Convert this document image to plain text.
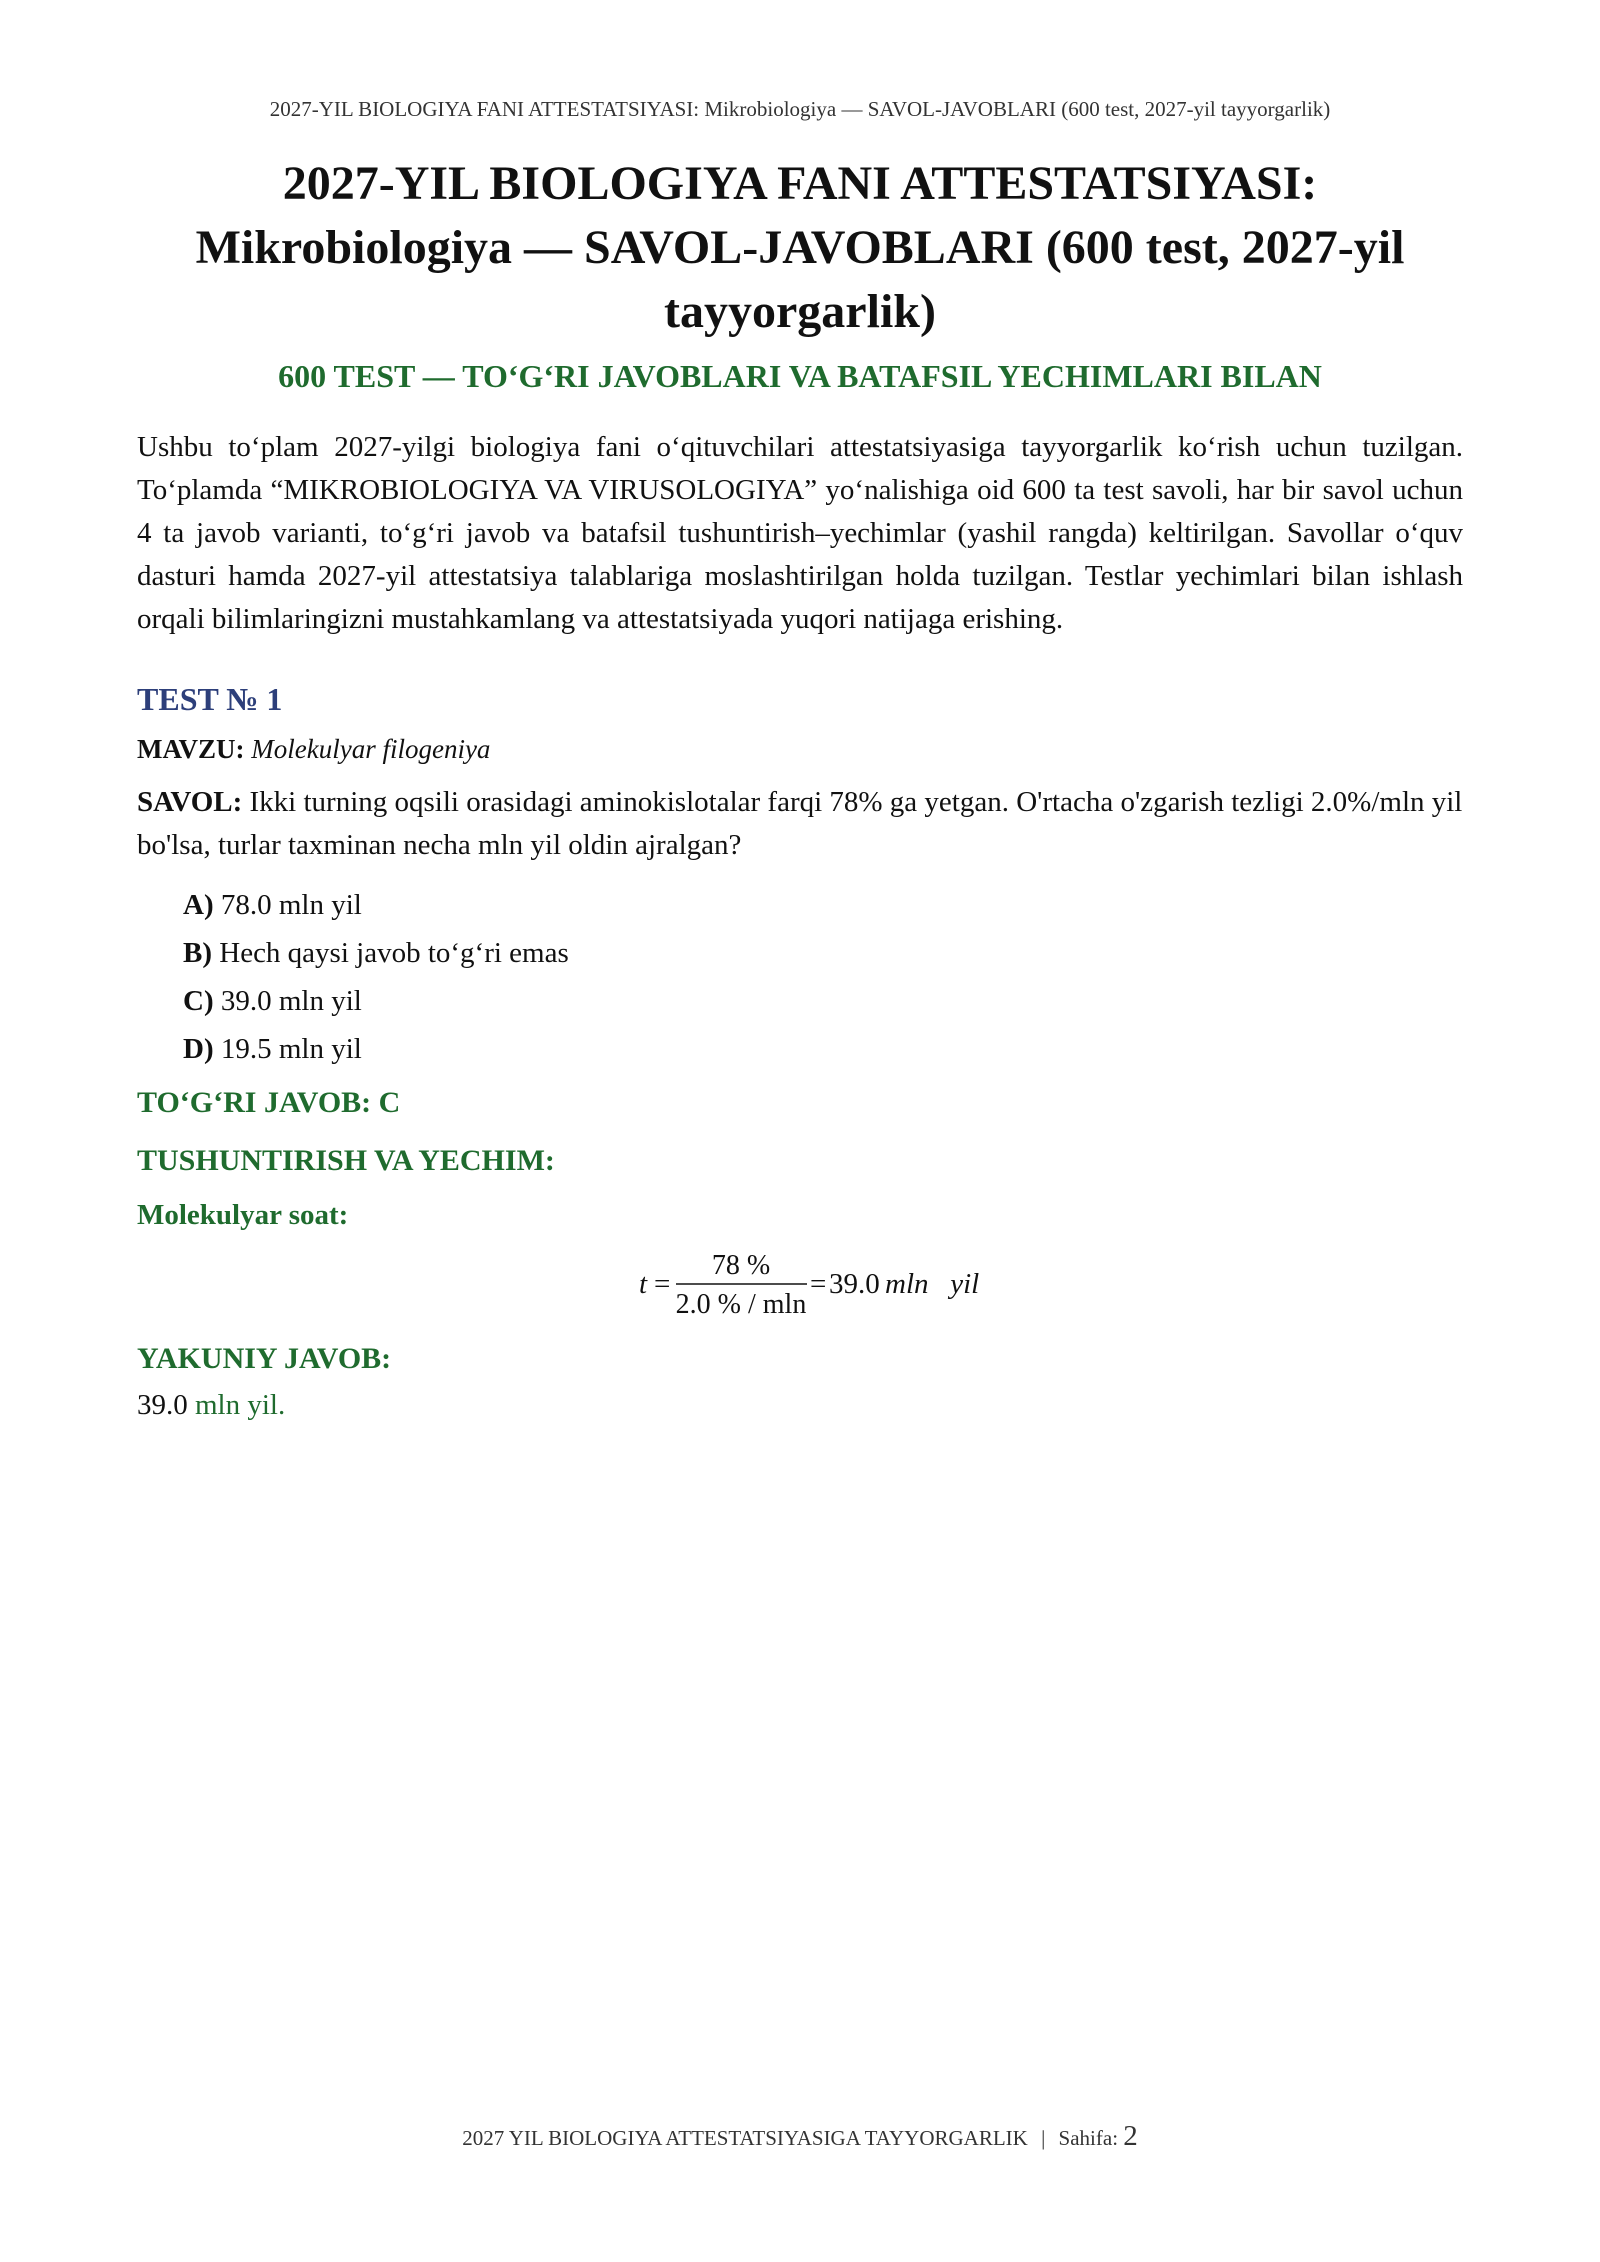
2027-YIL BIOLOGIYA FANI ATTESTATSIYASI: Mikrobiologiya — SAVOL-JAVOBLARI (600 test, 2027-yil tayyorgarlik)
2027-YIL BIOLOGIYA FANI ATTESTATSIYASI:
Mikrobiologiya — SAVOL-JAVOBLARI (600 test, 2027-yil
tayyorgarlik)
600 TEST — TO‘G‘RI JAVOBLARI VA BATAFSIL YECHIMLARI BILAN

Ushbu to‘plam 2027-yilgi biologiya fani o‘qituvchilari attestatsiyasiga tayyorgarlik ko‘rish uchun tuzilgan. To‘plamda “MIKROBIOLOGIYA VA VIRUSOLOGIYA” yo‘nalishiga oid 600 ta test savoli, har bir savol uchun 4 ta javob varianti, to‘g‘ri javob va batafsil tushuntirish–yechimlar (yashil rangda) keltirilgan. Savollar o‘quv dasturi hamda 2027-yil attestatsiya talablariga moslashtirilgan holda tuzilgan. Testlar yechimlari bilan ishlash orqali bilimlaringizni mustahkamlang va attestatsiyada yuqori natijaga erishing.

TEST № 1

MAVZU: Molekulyar filogeniya

SAVOL: Ikki turning oqsili orasidagi aminokislotalar farqi 78% ga yetgan. O'rtacha o'zgarish tezligi 2.0%/mln yil bo'lsa, turlar taxminan necha mln yil oldin ajralgan?

A) 78.0 mln yil
B) Hech qaysi javob to‘g‘ri emas
C) 39.0 mln yil
D) 19.5 mln yil
TO‘G‘RI JAVOB: C
TUSHUNTIRISH VA YECHIM:
Molekulyar soat:
t =
78 %
2.0 % / mln
= 39.0 mln   yil
YAKUNIY JAVOB:

39.0 mln yil.

2027 YIL BIOLOGIYA ATTESTATSIYASIGA TAYYORGARLIK | Sahifa: 2
